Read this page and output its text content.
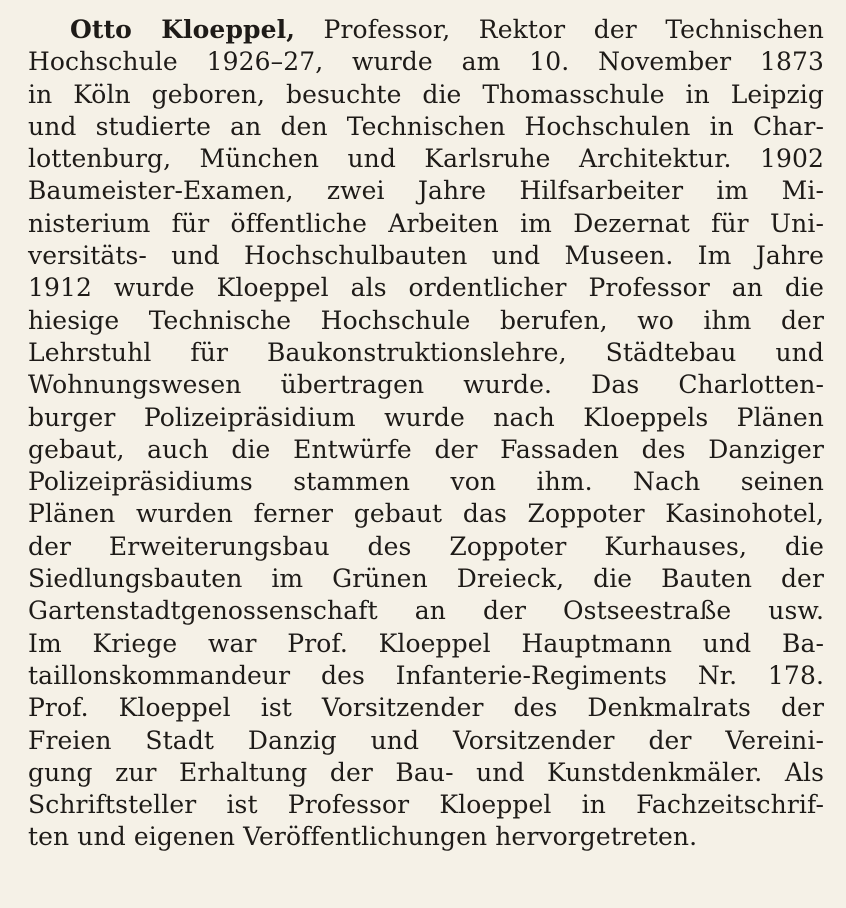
Otto Kloeppel, Professor, Rektor der Technischen
Hochschule 1926–27, wurde am 10. November 1873
in Köln geboren, besuchte die Thomasschule in Leipzig
und studierte an den Technischen Hochschulen in Char-
lottenburg, München und Karlsruhe Architektur. 1902
Baumeister-Examen, zwei Jahre Hilfsarbeiter im Mi-
nisterium für öffentliche Arbeiten im Dezernat für Uni-
versitäts- und Hochschulbauten und Museen. Im Jahre
1912 wurde Kloeppel als ordentlicher Professor an die
hiesige Technische Hochschule berufen, wo ihm der
Lehrstuhl für Baukonstruktionslehre, Städtebau und
Wohnungswesen übertragen wurde. Das Charlotten-
burger Polizeipräsidium wurde nach Kloeppels Plänen
gebaut, auch die Entwürfe der Fassaden des Danziger
Polizeipräsidiums stammen von ihm. Nach seinen
Plänen wurden ferner gebaut das Zoppoter Kasinohotel,
der Erweiterungsbau des Zoppoter Kurhauses, die
Siedlungsbauten im Grünen Dreieck, die Bauten der
Gartenstadtgenossenschaft an der Ostseestraße usw.
Im Kriege war Prof. Kloeppel Hauptmann und Ba-
taillonskommandeur des Infanterie-Regiments Nr. 178.
Prof. Kloeppel ist Vorsitzender des Denkmalrats der
Freien Stadt Danzig und Vorsitzender der Vereini-
gung zur Erhaltung der Bau- und Kunstdenkmäler. Als
Schriftsteller ist Professor Kloeppel in Fachzeitschrif-
ten und eigenen Veröffentlichungen hervorgetreten.
